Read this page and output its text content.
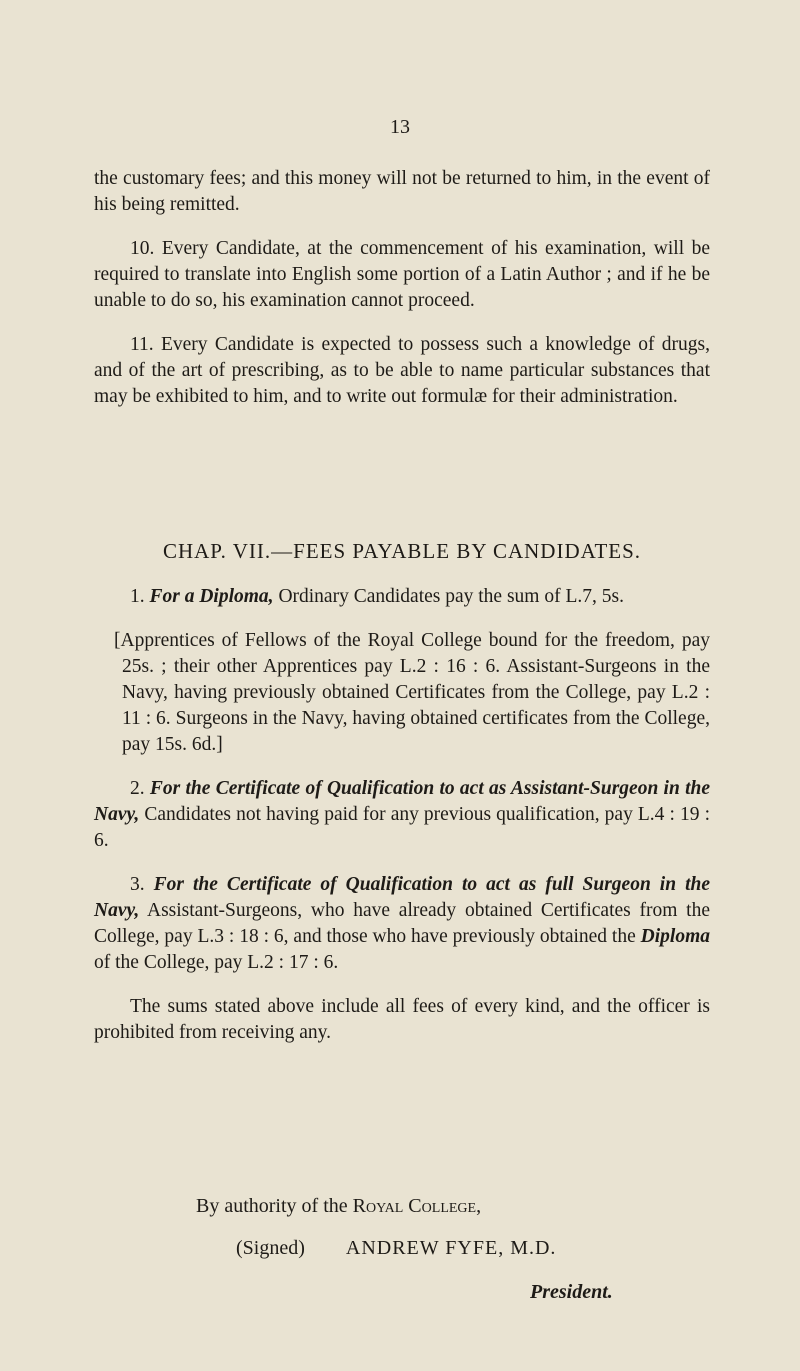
13

the customary fees; and this money will not be returned to him, in the event of his being remitted.

10. Every Candidate, at the commencement of his examination, will be required to translate into English some portion of a Latin Author ; and if he be unable to do so, his examination cannot proceed.

11. Every Candidate is expected to possess such a knowledge of drugs, and of the art of prescribing, as to be able to name particular substances that may be exhibited to him, and to write out formulæ for their administration.

CHAP. VII.—FEES PAYABLE BY CANDIDATES.

1. For a Diploma, Ordinary Candidates pay the sum of L.7, 5s.

[Apprentices of Fellows of the Royal College bound for the freedom, pay 25s. ; their other Apprentices pay L.2 : 16 : 6. Assistant-Surgeons in the Navy, having previously obtained Certificates from the College, pay L.2 : 11 : 6. Surgeons in the Navy, having obtained certificates from the College, pay 15s. 6d.]

2. For the Certificate of Qualification to act as Assistant-Surgeon in the Navy, Candidates not having paid for any previous qualification, pay L.4 : 19 : 6.

3. For the Certificate of Qualification to act as full Surgeon in the Navy, Assistant-Surgeons, who have already obtained Certificates from the College, pay L.3 : 18 : 6, and those who have previously obtained the Diploma of the College, pay L.2 : 17 : 6.

The sums stated above include all fees of every kind, and the officer is prohibited from receiving any.

By authority of the Royal College,
(Signed) ANDREW FYFE, M.D.
President.
